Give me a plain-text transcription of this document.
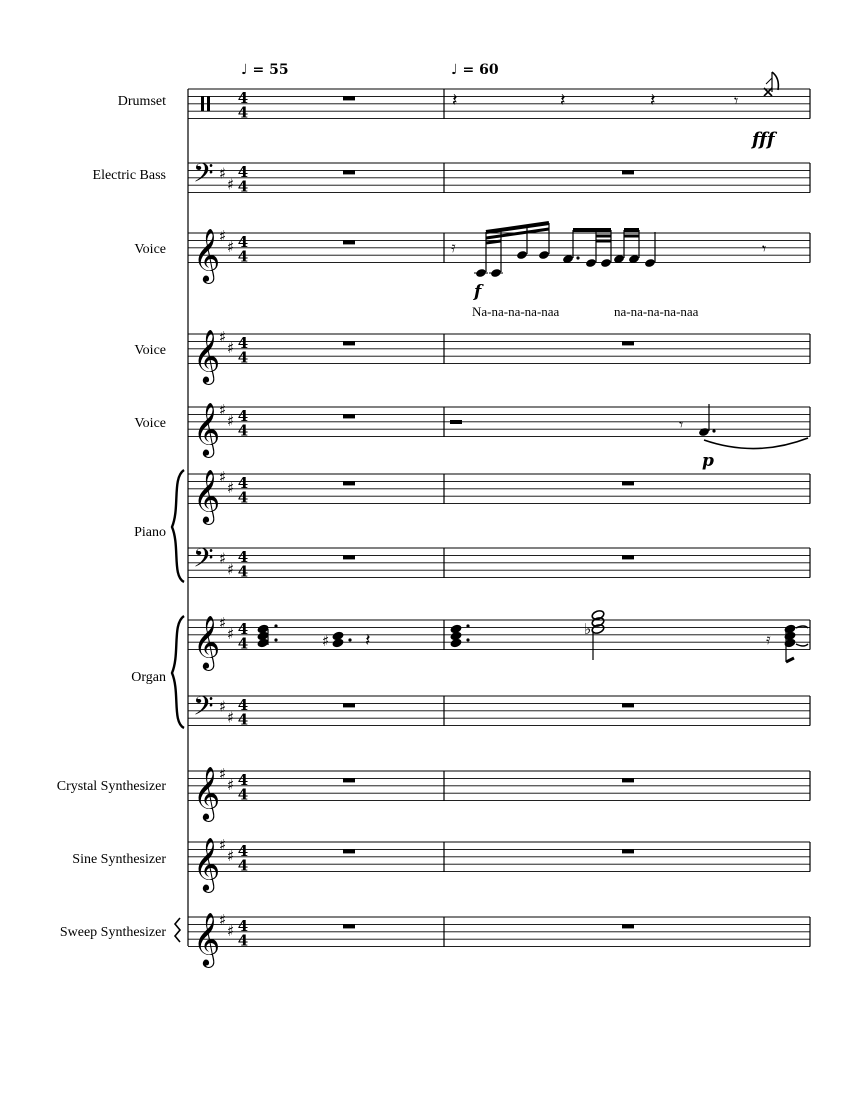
♩ = 55	♩ = 60
Drumset
Electric Bass
Voice
Voice
Voice
Piano
Organ
Crystal Synthesizer
Sine Synthesizer
Sweep Synthesizer
4
4
𝄢 ♯
♯
4
4
𝄞
♯
♯ 4
4
𝄞
♯
♯ 4
4
𝄞
♯
♯ 4
4
𝄞
♯
♯ 4
4
𝄢 ♯
♯
4
4
𝄞
♯
♯ 4
4
𝄢 ♯
♯
4
4
𝄞
♯
♯ 4
4
𝄞
♯
♯ 4
4
𝄞
♯
♯ 4
4
𝄽	𝄽	𝄽	𝄾
fff
𝄿	𝄾
f
Na-na-na-na-naa	na-na-na-na-naa
𝄾
p
♯ 𝄽
♭
𝄿
